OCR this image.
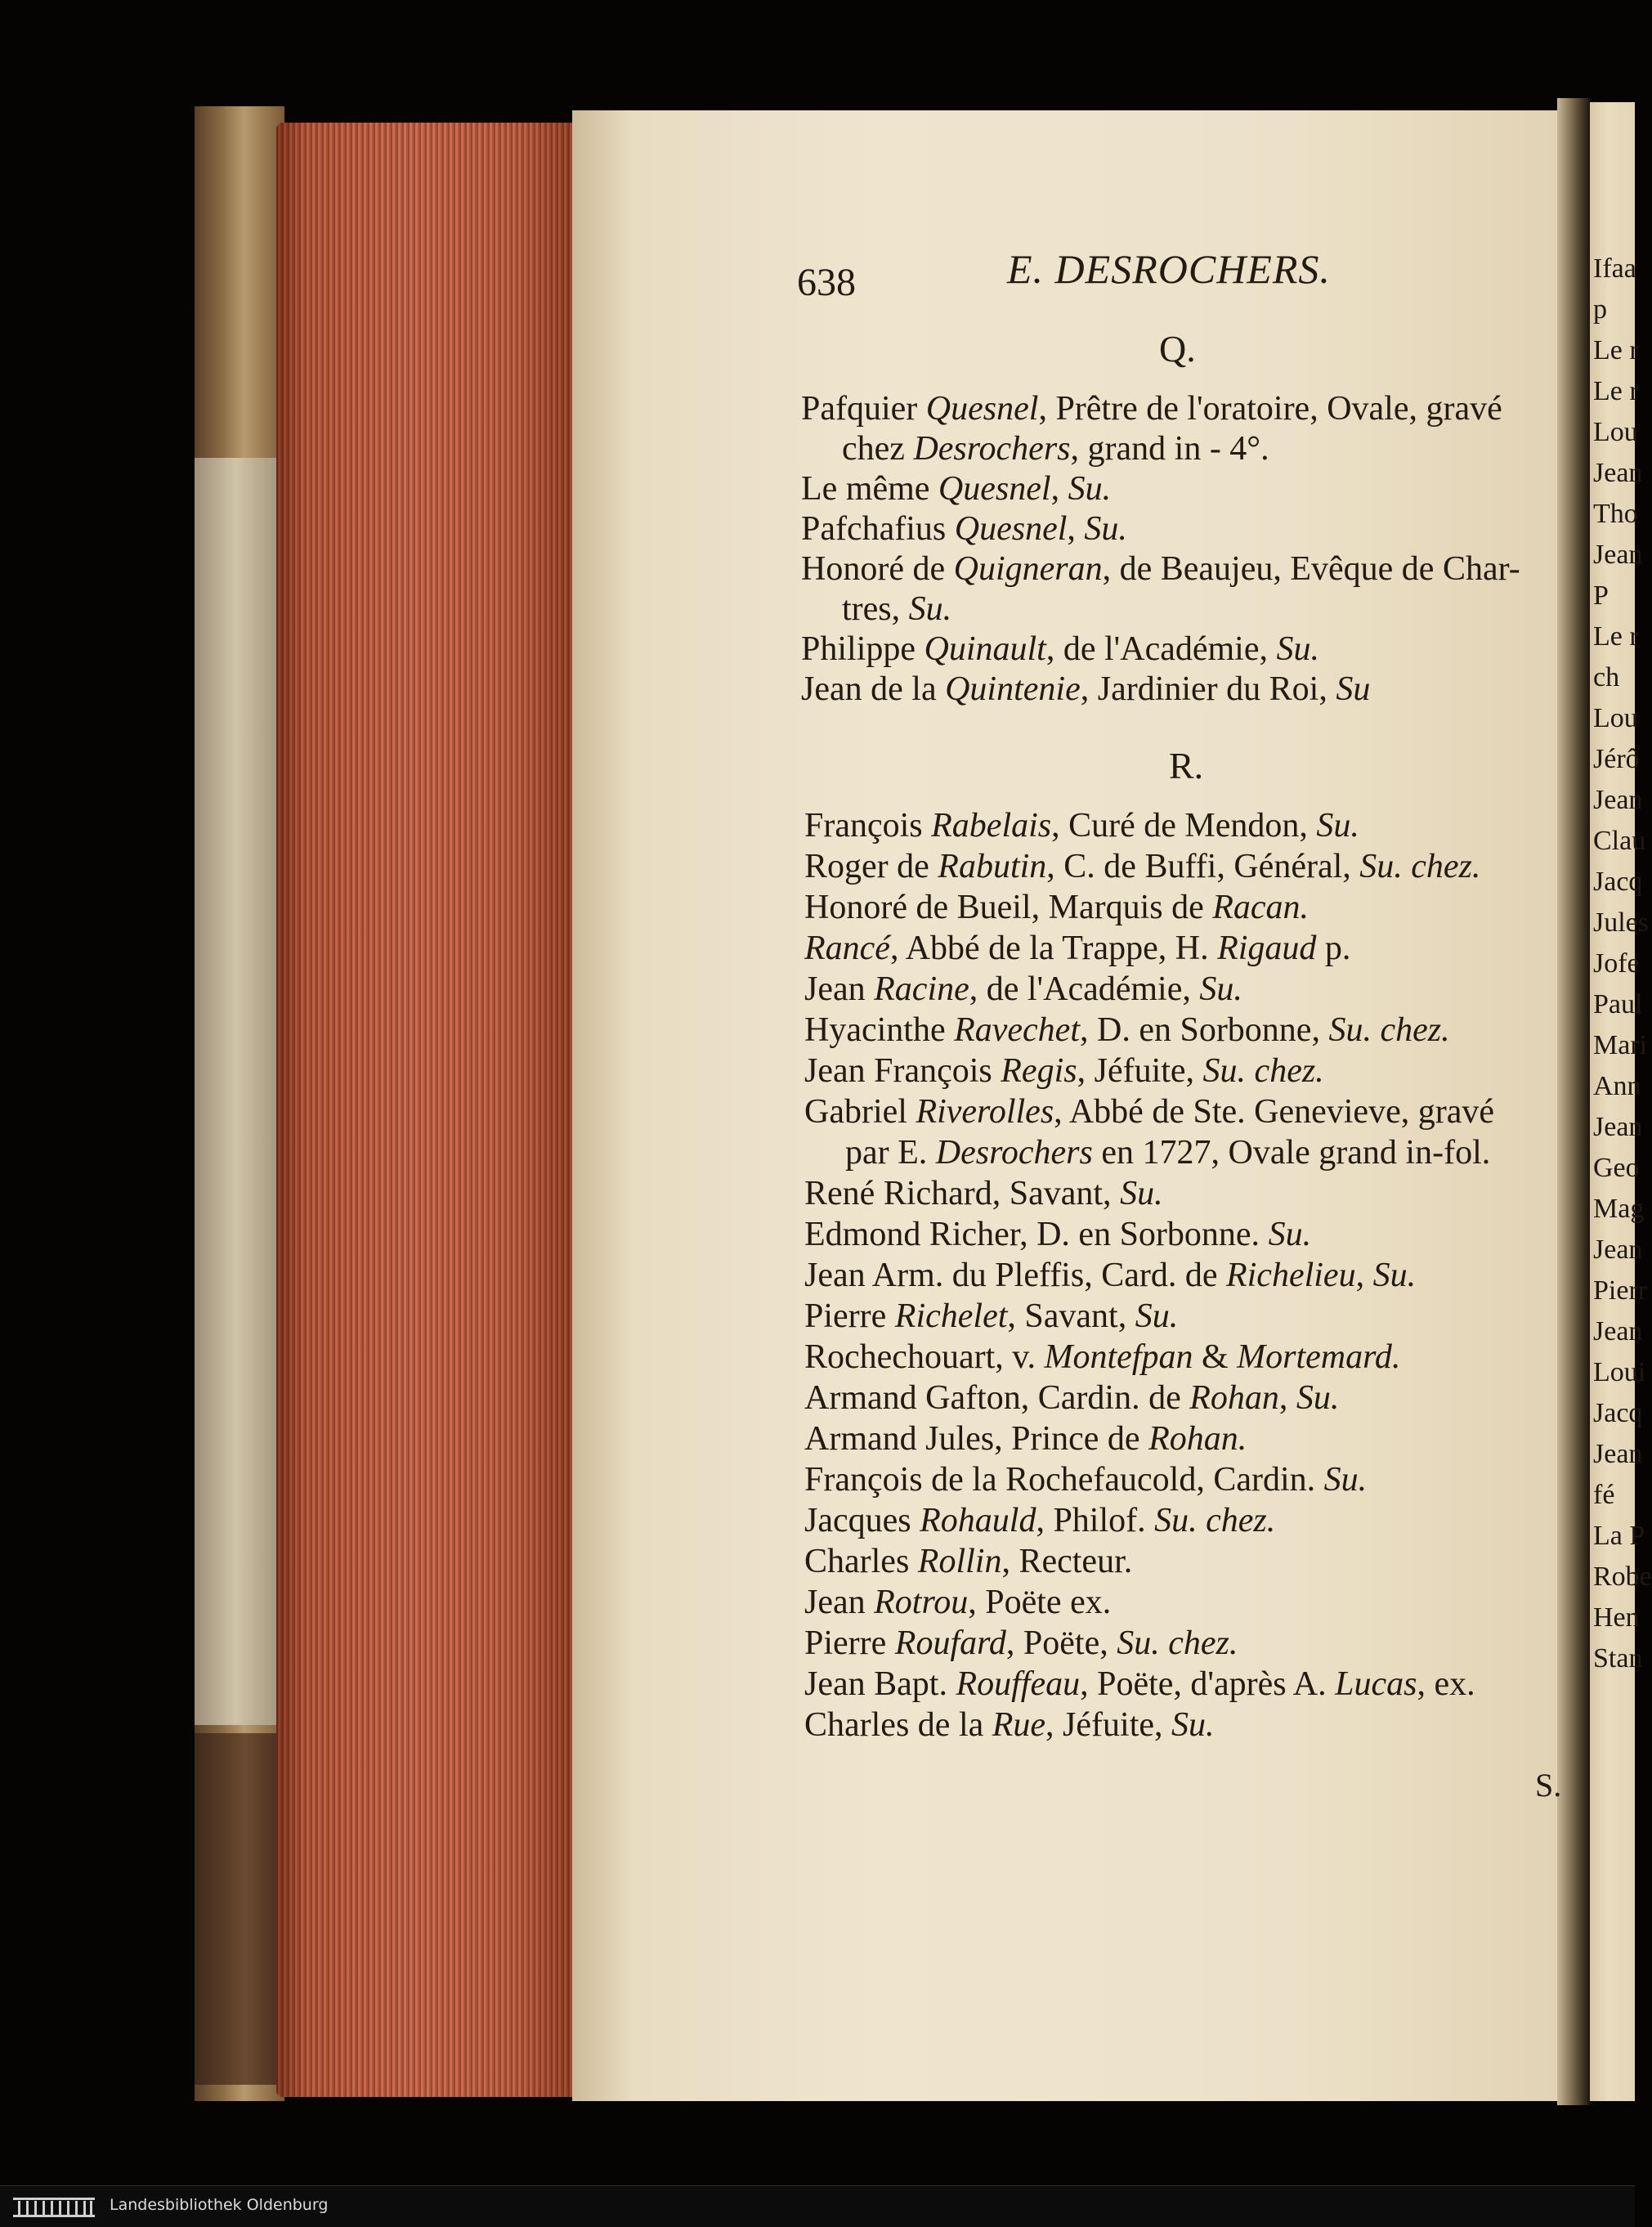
Ifaa
p
Le r
Le r
Lou
Jean
Tho
Jean
P
Le r
ch
Lou
Jérô
Jean
Clau
Jacq
Jules
Jofe
Paul
Mari
Ann
Jean
Geo
Mag
Jean
Pierr
Jean
Loui
Jacq
Jean
fé
La P
Robe
Hen
Stan
638	E. DESROCHERS.
Q.
Pafquier Quesnel, Prêtre de l'oratoire, Ovale, gravé
chez Desrochers, grand in - 4°.
Le même Quesnel, Su.
Pafchafius Quesnel, Su.
Honoré de Quigneran, de Beaujeu, Evêque de Char-
tres, Su.
Philippe Quinault, de l'Académie, Su.
Jean de la Quintenie, Jardinier du Roi, Su
R.
François Rabelais, Curé de Mendon, Su.
Roger de Rabutin, C. de Buffi, Général, Su. chez.
Honoré de Bueil, Marquis de Racan.
Rancé, Abbé de la Trappe, H. Rigaud p.
Jean Racine, de l'Académie, Su.
Hyacinthe Ravechet, D. en Sorbonne, Su. chez.
Jean François Regis, Jéfuite, Su. chez.
Gabriel Riverolles, Abbé de Ste. Genevieve, gravé
par E. Desrochers en 1727, Ovale grand in-fol.
René Richard, Savant, Su.
Edmond Richer, D. en Sorbonne. Su.
Jean Arm. du Pleffis, Card. de Richelieu, Su.
Pierre Richelet, Savant, Su.
Rochechouart, v. Montefpan & Mortemard.
Armand Gafton, Cardin. de Rohan, Su.
Armand Jules, Prince de Rohan.
François de la Rochefaucold, Cardin. Su.
Jacques Rohauld, Philof. Su. chez.
Charles Rollin, Recteur.
Jean Rotrou, Poëte ex.
Pierre Roufard, Poëte, Su. chez.
Jean Bapt. Rouffeau, Poëte, d'après A. Lucas, ex.
Charles de la Rue, Jéfuite, Su.
S.
Landesbibliothek Oldenburg
